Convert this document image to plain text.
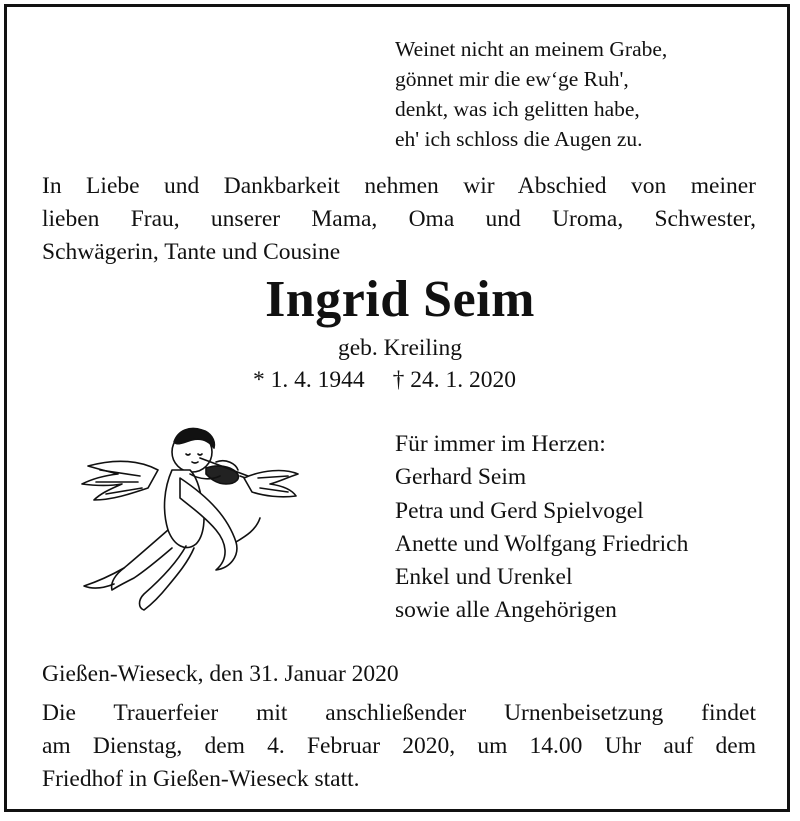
Weinet nicht an meinem Grabe,
gönnet mir die ew‘ge Ruh',
denkt, was ich gelitten habe,
eh' ich schloss die Augen zu.
In Liebe und Dankbarkeit nehmen wir Abschied von meiner
lieben Frau, unserer Mama, Oma und Uroma, Schwester,
Schwägerin, Tante und Cousine
Ingrid Seim
geb. Kreiling
* 1. 4. 1944 † 24. 1. 2020
Für immer im Herzen:
Gerhard Seim
Petra und Gerd Spielvogel
Anette und Wolfgang Friedrich
Enkel und Urenkel
sowie alle Angehörigen
Gießen-Wieseck, den 31. Januar 2020
Die Trauerfeier mit anschließender Urnenbeisetzung findet
am Dienstag, dem 4. Februar 2020, um 14.00 Uhr auf dem
Friedhof in Gießen-Wieseck statt.
